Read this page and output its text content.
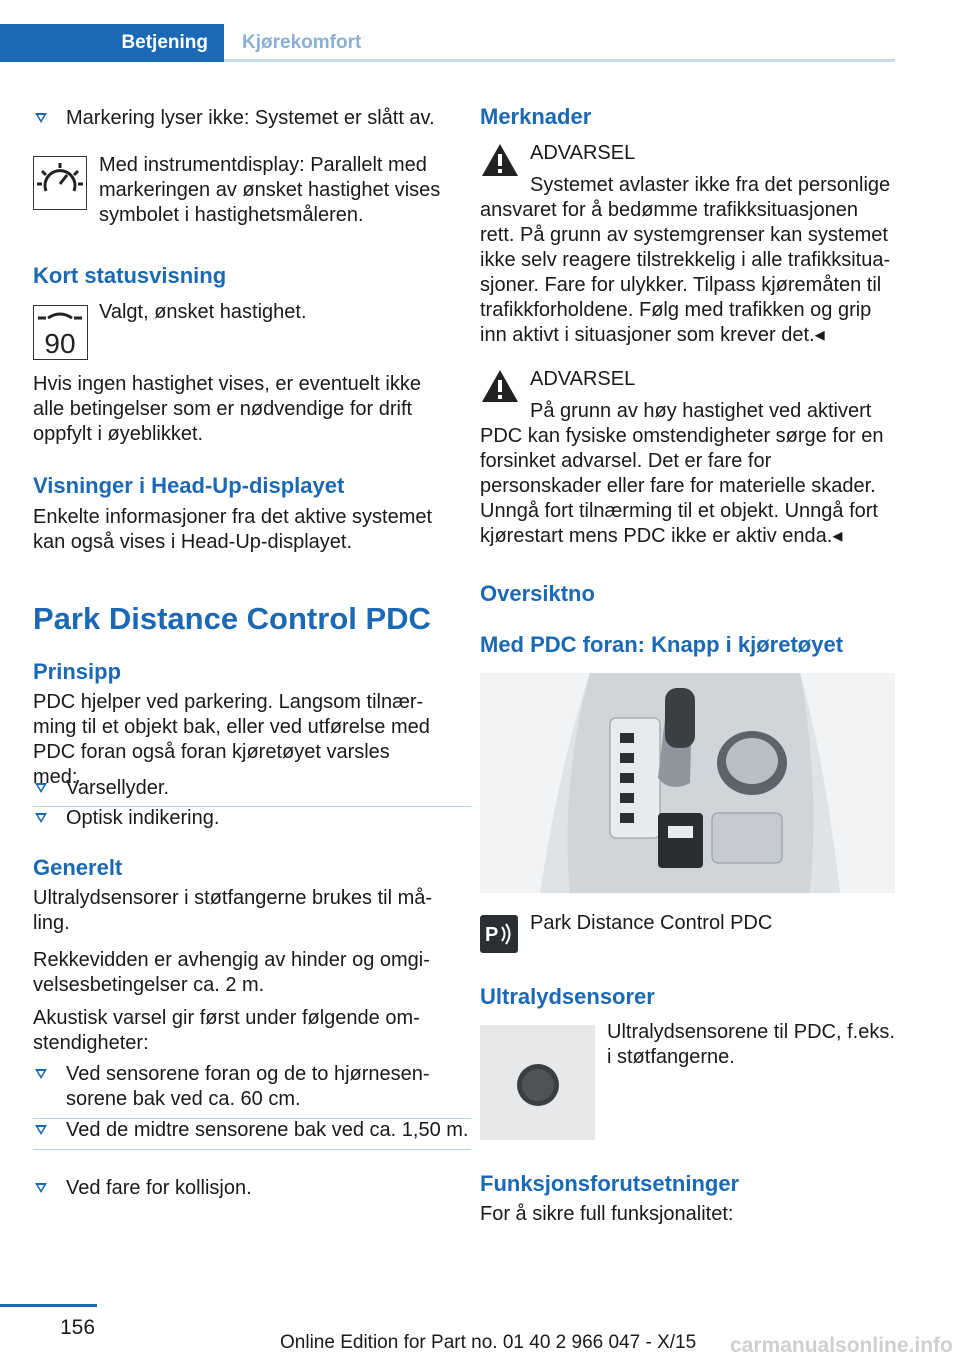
Betjening	Kjørekomfort
Markering lyser ikke: Systemet er slått av.

Med instrumentdisplay: Parallelt med markeringen av ønsket hastighet vises symbolet i hastighetsmåleren.

Kort statusvisning
90

Valgt, ønsket hastighet.

Hvis ingen hastighet vises, er eventuelt ikke alle betingelser som er nødvendige for drift oppfylt i øyeblikket.

Visninger i Head-Up-displayet

Enkelte informasjoner fra det aktive systemet kan også vises i Head-Up-displayet.

Park Distance Control PDC
Prinsipp

PDC hjelper ved parkering. Langsom tilnærming til et objekt bak, eller ved utførelse med PDC foran også foran kjøretøyet varsles med:

Varsellyder.
Optisk indikering.
Generelt

Ultralydsensorer i støtfangerne brukes til måling.

Rekkevidden er avhengig av hinder og omgivelsesbetingelser ca. 2 m.

Akustisk varsel gir først under følgende omstendigheter:

Ved sensorene foran og de to hjørnesensorene bak ved ca. 60 cm.
Ved de midtre sensorene bak ved ca. 1,50 m.
Ved fare for kollisjon.
Merknader

ADVARSEL

Systemet avlaster ikke fra det personlige ansvaret for å bedømme trafikksituasjonen rett. På grunn av systemgrenser kan systemet ikke selv reagere tilstrekkelig i alle trafikksituasjoner. Fare for ulykker. Tilpass kjøremåten til trafikkforholdene. Følg med trafikken og grip inn aktivt i situasjoner som krever det.◂

ADVARSEL

På grunn av høy hastighet ved aktivert PDC kan fysiske omstendigheter sørge for en forsinket advarsel. Det er fare for personskader eller fare for materielle skader. Unngå fort tilnærming til et objekt. Unngå fort kjørestart mens PDC ikke er aktiv enda.◂
Oversiktno
Med PDC foran: Knapp i kjøretøyet
P

Park Distance Control PDC

Ultralydsensorer

Ultralydsensorene til PDC, f.eks. i støtfangerne.

Funksjonsforutsetninger

For å sikre full funksjonalitet:

156
Online Edition for Part no. 01 40 2 966 047 - X/15 carmanualsonline.info
